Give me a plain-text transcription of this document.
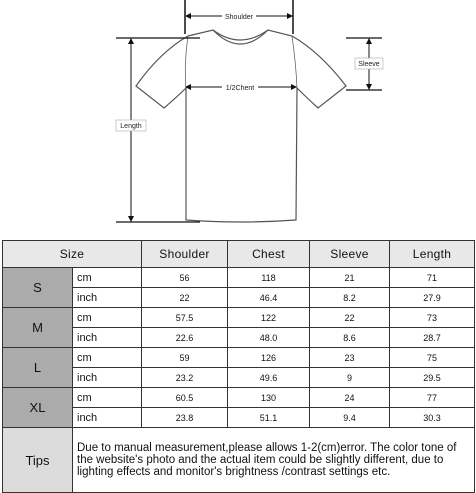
Shoulder
1/2Chent
Length
Sleeve
Size		Shoulder	Chest	Sleeve	Length
S	cm	56	118	21	71
	inch	22	46.4	8.2	27.9
M	cm	57.5	122	22	73
	inch	22.6	48.0	8.6	28.7
L	cm	59	126	23	75
	inch	23.2	49.6	9	29.5
XL	cm	60.5	130	24	77
	inch	23.8	51.1	9.4	30.3
Tips	Due to manual measurement,please allows 1-2(cm)error. The color tone of the website's photo and the actual item could be slightly different, due to lighting effects and monitor's brightness /contrast settings etc.				
